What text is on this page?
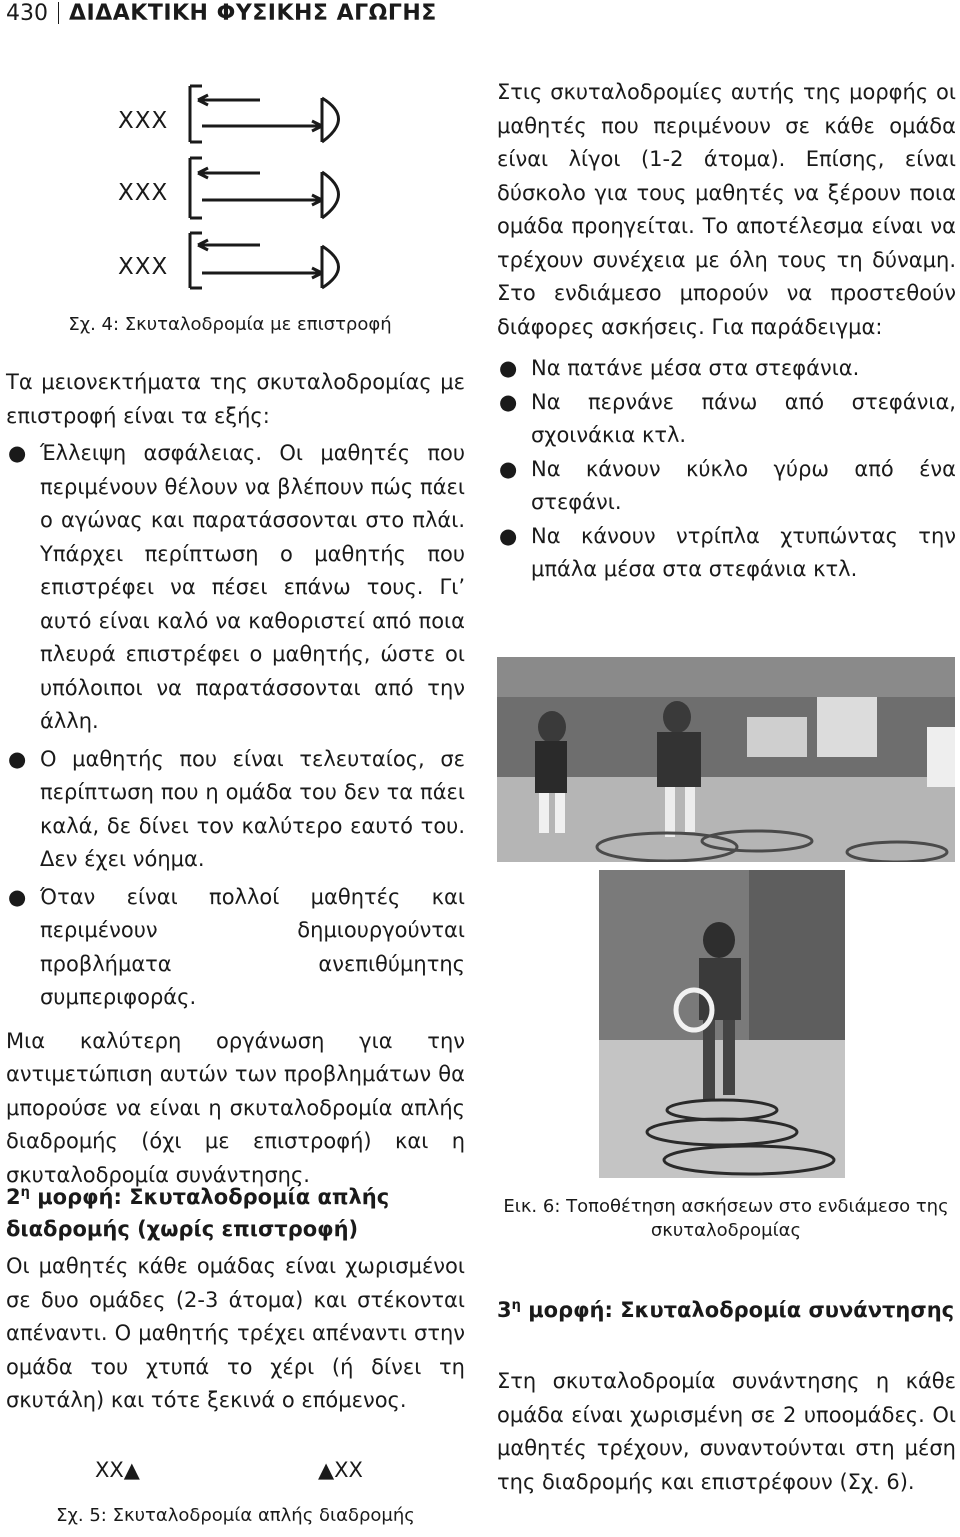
430 ΔΙΔΑΚΤΙΚΗ ΦΥΣΙΚΗΣ ΑΓΩΓΗΣ
XXX
XXX
XXX
Σχ. 4: Σκυταλοδρομία με επιστροφή

Τα μειονεκτήματα της σκυταλοδρομίας με επιστροφή είναι τα εξής:

● Έλλειψη ασφάλειας. Οι μαθητές που περιμένουν θέλουν να βλέπουν πώς πάει ο αγώνας και παρατάσσονται στο πλάι. Υπάρχει περίπτωση ο μαθητής που επιστρέφει να πέσει επάνω τους. Γι’ αυτό είναι καλό να καθοριστεί από ποια πλευρά επιστρέφει ο μαθητής, ώστε οι υπόλοιποι να παρατάσσονται από την άλλη.
● Ο μαθητής που είναι τελευταίος, σε περίπτωση που η ομάδα του δεν τα πάει καλά, δε δίνει τον καλύτερο εαυτό του. Δεν έχει νόημα.
● Όταν είναι πολλοί μαθητές και περιμένουν δημιουργούνται προβλήματα ανεπιθύμητης συμπεριφοράς.

Μια καλύτερη οργάνωση για την αντιμετώπιση αυτών των προβλημάτων θα μπορούσε να είναι η σκυταλοδρομία απλής διαδρομής (όχι με επιστροφή) και η σκυταλοδρομία συνάντησης.

$2^\eta$ μορφή: Σκυταλοδρομία απλής διαδρομής (χωρίς επιστροφή)

Οι μαθητές κάθε ομάδας είναι χωρισμένοι σε δυο ομάδες (2-3 άτομα) και στέκονται απέναντι. Ο μαθητής τρέχει απέναντι στην ομάδα του χτυπά το χέρι (ή δίνει τη σκυτάλη) και τότε ξεκινά ο επόμενος.

XX▲	▲XX
Σχ. 5: Σκυταλοδρομία απλής διαδρομής

Στις σκυταλοδρομίες αυτής της μορφής οι μαθητές που περιμένουν σε κάθε ομάδα είναι λίγοι (1-2 άτομα). Επίσης, είναι δύσκολο για τους μαθητές να ξέρουν ποια ομάδα προηγείται. Το αποτέλεσμα είναι να τρέχουν συνέχεια με όλη τους τη δύναμη. Στο ενδιάμεσο μπορούν να προστεθούν διάφορες ασκήσεις. Για παράδειγμα:

● Να πατάνε μέσα στα στεφάνια.
● Να περνάνε πάνω από στεφάνια, σχοινάκια κτλ.
● Να κάνουν κύκλο γύρω από ένα στεφάνι.
● Να κάνουν ντρίπλα χτυπώντας την μπάλα μέσα στα στεφάνια κτλ.
Εικ. 6: Τοποθέτηση ασκήσεων στο ενδιάμεσο της σκυταλοδρομίας
$3^\eta$ μορφή: Σκυταλοδρομία συνάντησης

Στη σκυταλοδρομία συνάντησης η κάθε ομάδα είναι χωρισμένη σε 2 υποομάδες. Οι μαθητές τρέχουν, συναντούνται στη μέση της διαδρομής και επιστρέφουν (Σχ. 6).
